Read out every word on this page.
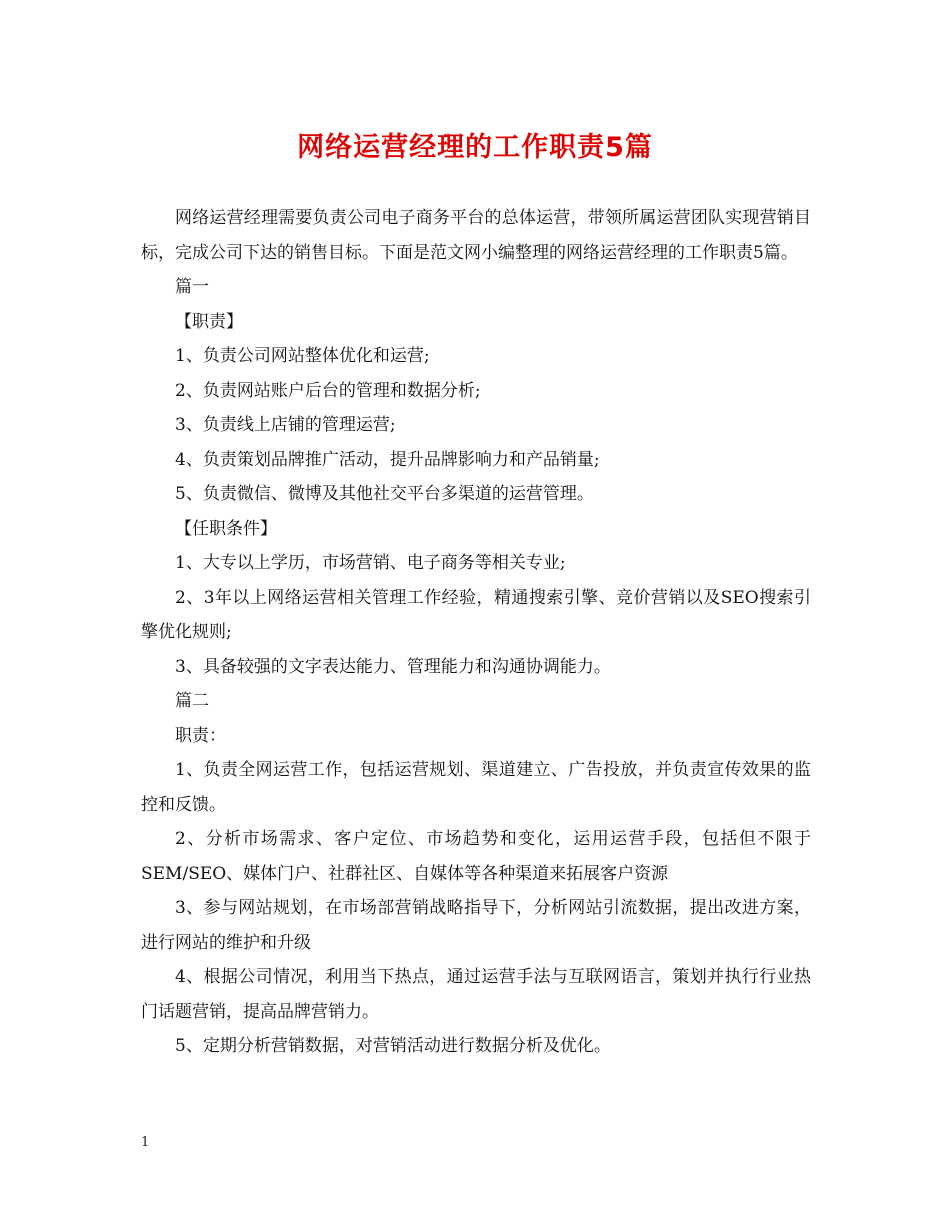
网络运营经理的工作职责5篇

网络运营经理需要负责公司电子商务平台的总体运营，带领所属运营团队实现营销目标，完成公司下达的销售目标。下面是范文网小编整理的网络运营经理的工作职责5篇。

篇一

【职责】

1、负责公司网站整体优化和运营;

2、负责网站账户后台的管理和数据分析;

3、负责线上店铺的管理运营;

4、负责策划品牌推广活动，提升品牌影响力和产品销量;

5、负责微信、微博及其他社交平台多渠道的运营管理。

【任职条件】

1、大专以上学历，市场营销、电子商务等相关专业;

2、3年以上网络运营相关管理工作经验，精通搜索引擎、竞价营销以及SEO搜索引擎优化规则;

3、具备较强的文字表达能力、管理能力和沟通协调能力。

篇二

职责：

1、负责全网运营工作，包括运营规划、渠道建立、广告投放，并负责宣传效果的监控和反馈。

2、分析市场需求、客户定位、市场趋势和变化，运用运营手段，包括但不限于SEM/SEO、媒体门户、社群社区、自媒体等各种渠道来拓展客户资源

3、参与网站规划，在市场部营销战略指导下，分析网站引流数据，提出改进方案，进行网站的维护和升级

4、根据公司情况，利用当下热点，通过运营手法与互联网语言，策划并执行行业热门话题营销，提高品牌营销力。

5、定期分析营销数据，对营销活动进行数据分析及优化。

1
